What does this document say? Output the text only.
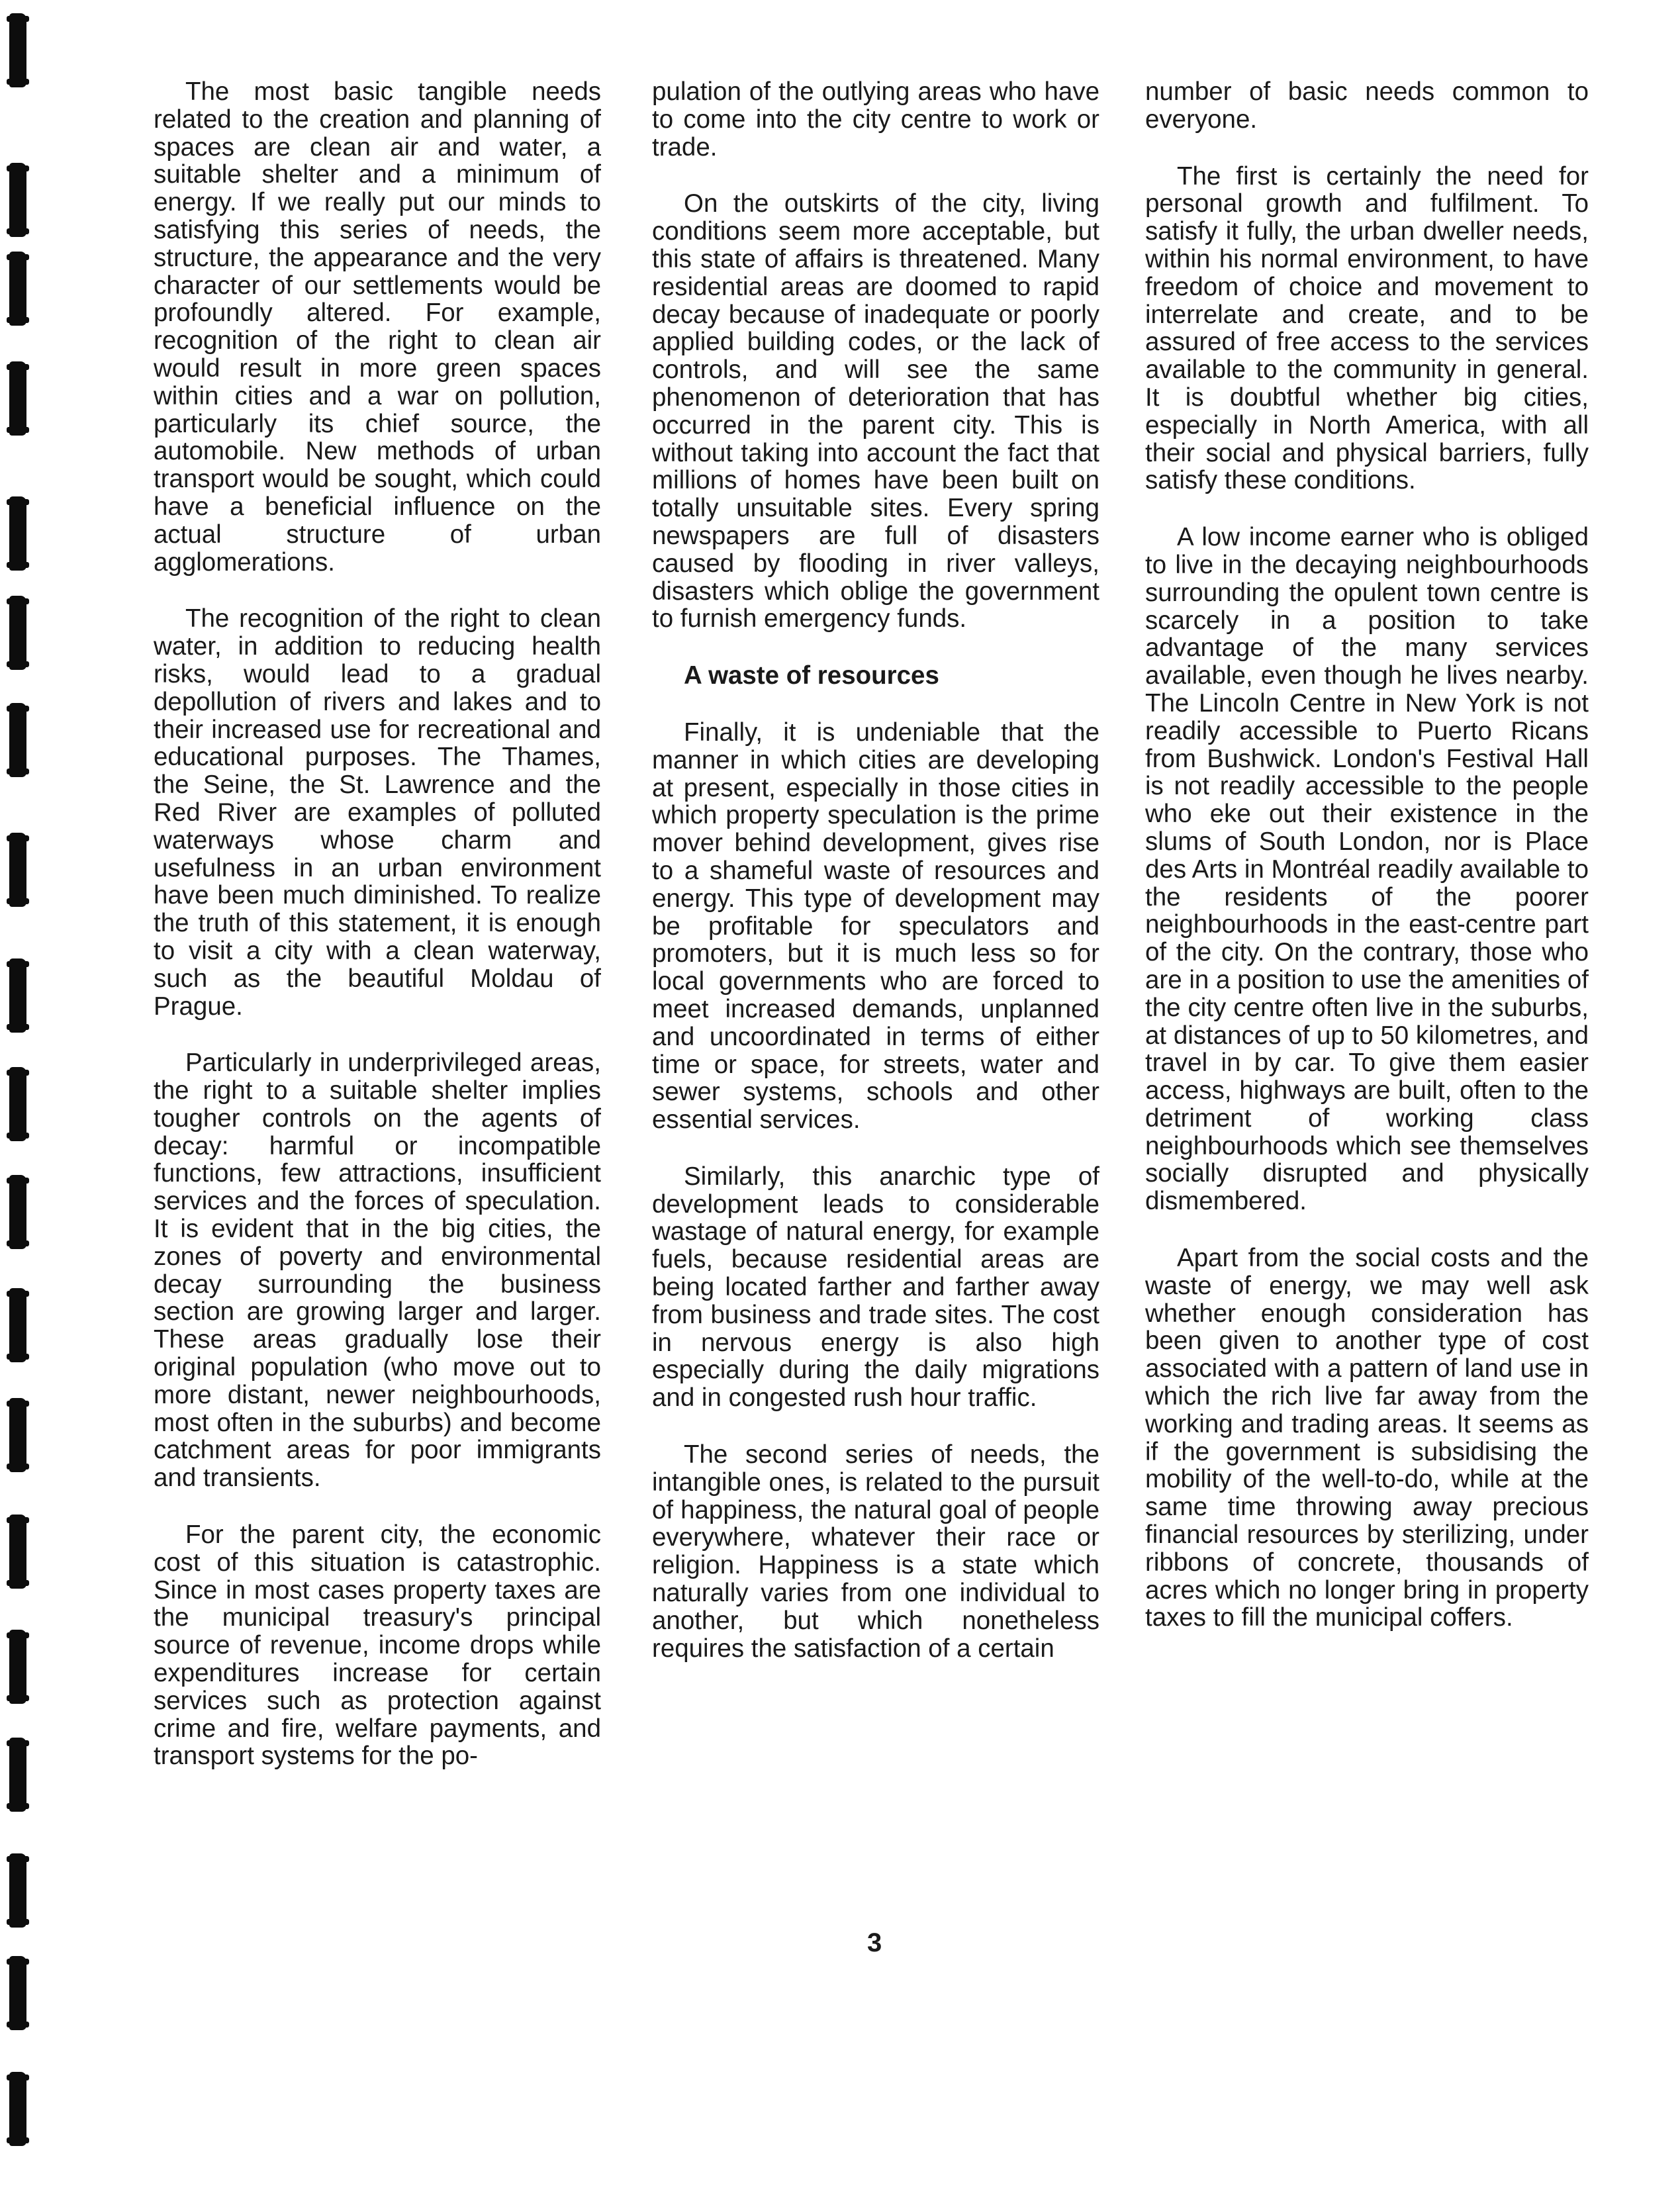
The most basic tangible needs related to the creation and planning of spaces are clean air and water, a suitable shelter and a minimum of energy. If we really put our minds to satisfying this series of needs, the structure, the appearance and the very character of our settlements would be profoundly altered. For example, recognition of the right to clean air would result in more green spaces within cities and a war on pollution, particularly its chief source, the automobile. New methods of urban transport would be sought, which could have a beneficial influence on the actual structure of urban agglomerations.

The recognition of the right to clean water, in addition to reducing health risks, would lead to a gradual depollution of rivers and lakes and to their increased use for recreational and educational purposes. The Thames, the Seine, the St. Lawrence and the Red River are examples of polluted waterways whose charm and usefulness in an urban environment have been much diminished. To realize the truth of this statement, it is enough to visit a city with a clean waterway, such as the beautiful Moldau of Prague.

Particularly in underprivileged areas, the right to a suitable shelter implies tougher controls on the agents of decay: harmful or incompatible functions, few attractions, insufficient services and the forces of speculation. It is evident that in the big cities, the zones of poverty and environmental decay surrounding the business section are growing larger and larger. These areas gradually lose their original population (who move out to more distant, newer neighbourhoods, most often in the suburbs) and become catchment areas for poor immigrants and transients.

For the parent city, the economic cost of this situation is catastrophic. Since in most cases property taxes are the municipal treasury's principal source of revenue, income drops while expenditures increase for certain services such as protection against crime and fire, welfare payments, and transport systems for the po-

pulation of the outlying areas who have to come into the city centre to work or trade.

On the outskirts of the city, living conditions seem more acceptable, but this state of affairs is threatened. Many residential areas are doomed to rapid decay because of inadequate or poorly applied building codes, or the lack of controls, and will see the same phenomenon of deterioration that has occurred in the parent city. This is without taking into account the fact that millions of homes have been built on totally unsuitable sites. Every spring newspapers are full of disasters caused by flooding in river valleys, disasters which oblige the government to furnish emergency funds.

A waste of resources

Finally, it is undeniable that the manner in which cities are developing at present, especially in those cities in which property speculation is the prime mover behind development, gives rise to a shameful waste of resources and energy. This type of development may be profitable for speculators and promoters, but it is much less so for local governments who are forced to meet increased demands, unplanned and uncoordinated in terms of either time or space, for streets, water and sewer systems, schools and other essential services.

Similarly, this anarchic type of development leads to considerable wastage of natural energy, for example fuels, because residential areas are being located farther and farther away from business and trade sites. The cost in nervous energy is also high especially during the daily migrations and in congested rush hour traffic.

The second series of needs, the intangible ones, is related to the pursuit of happiness, the natural goal of people everywhere, whatever their race or religion. Happiness is a state which naturally varies from one individual to another, but which nonetheless requires the satisfaction of a certain

number of basic needs common to everyone.

The first is certainly the need for personal growth and fulfilment. To satisfy it fully, the urban dweller needs, within his normal environment, to have freedom of choice and movement to interrelate and create, and to be assured of free access to the services available to the community in general. It is doubtful whether big cities, especially in North America, with all their social and physical barriers, fully satisfy these conditions.

A low income earner who is obliged to live in the decaying neighbourhoods surrounding the opulent town centre is scarcely in a position to take advantage of the many services available, even though he lives nearby. The Lincoln Centre in New York is not readily accessible to Puerto Ricans from Bushwick. London's Festival Hall is not readily accessible to the people who eke out their existence in the slums of South London, nor is Place des Arts in Montréal readily available to the residents of the poorer neighbourhoods in the east-centre part of the city. On the contrary, those who are in a position to use the amenities of the city centre often live in the suburbs, at distances of up to 50 kilometres, and travel in by car. To give them easier access, highways are built, often to the detriment of working class neighbourhoods which see themselves socially disrupted and physically dismembered.

Apart from the social costs and the waste of energy, we may well ask whether enough consideration has been given to another type of cost associated with a pattern of land use in which the rich live far away from the working and trading areas. It seems as if the government is subsidising the mobility of the well-to-do, while at the same time throwing away precious financial resources by sterilizing, under ribbons of concrete, thousands of acres which no longer bring in property taxes to fill the municipal coffers.

3
